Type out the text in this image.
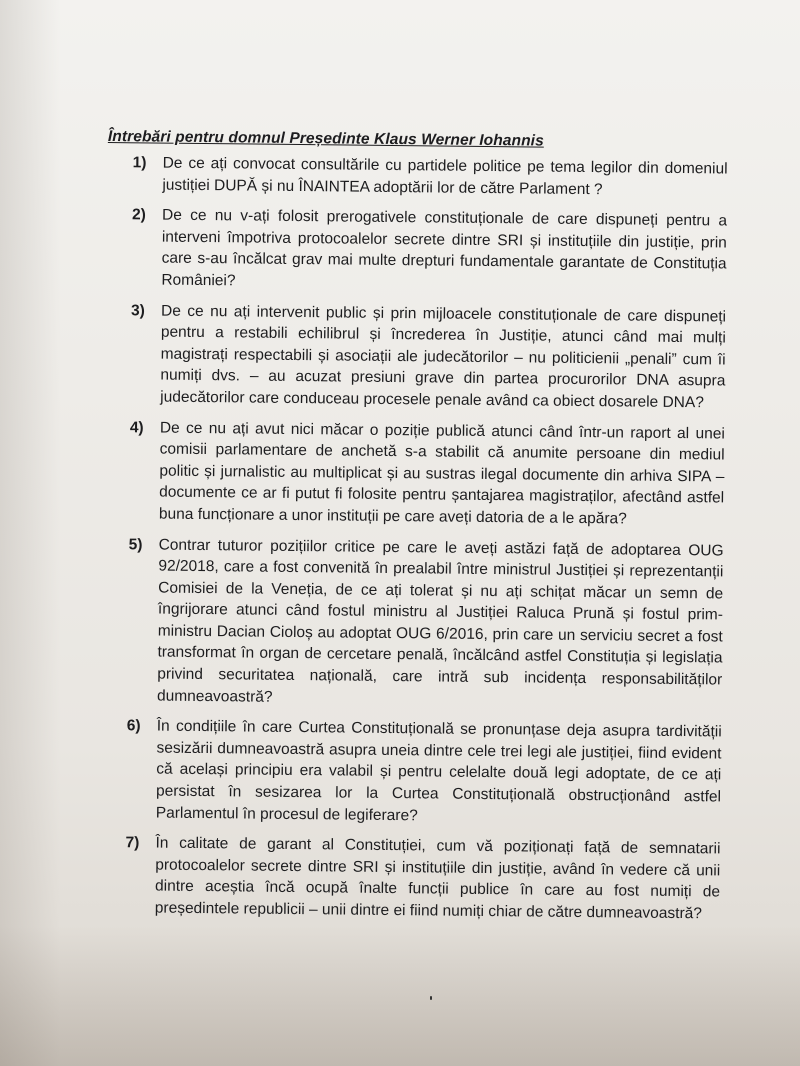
Întrebări pentru domnul Președinte Klaus Werner Iohannis
1)	De ce ați convocat consultările cu partidele politice pe tema legilor din domeniul justiției DUPĂ și nu ÎNAINTEA adoptării lor de către Parlament ?
2)	De ce nu v-ați folosit prerogativele constituționale de care dispuneți pentru a interveni împotriva protocoalelor secrete dintre SRI și instituțiile din justiție, prin care s-au încălcat grav mai multe drepturi fundamentale garantate de Constituția României?
3)	De ce nu ați intervenit public și prin mijloacele constituționale de care dispuneți pentru a restabili echilibrul și încrederea în Justiție, atunci când mai mulți magistrați respectabili și asociații ale judecătorilor – nu politicienii „penali” cum îi numiți dvs. – au acuzat presiuni grave din partea procurorilor DNA asupra judecătorilor care conduceau procesele penale având ca obiect dosarele DNA?
4)	De ce nu ați avut nici măcar o poziție publică atunci când într-un raport al unei comisii parlamentare de anchetă s-a stabilit că anumite persoane din mediul politic și jurnalistic au multiplicat și au sustras ilegal documente din arhiva SIPA – documente ce ar fi putut fi folosite pentru șantajarea magistraților, afectând astfel buna funcționare a unor instituții pe care aveți datoria de a le apăra?
5)	Contrar tuturor pozițiilor critice pe care le aveți astăzi față de adoptarea OUG 92/2018, care a fost convenită în prealabil între ministrul Justiției și reprezentanții Comisiei de la Veneția, de ce ați tolerat și nu ați schițat măcar un semn de îngrijorare atunci când fostul ministru al Justiției Raluca Prună și fostul prim-ministru Dacian Cioloș au adoptat OUG 6/2016, prin care un serviciu secret a fost transformat în organ de cercetare penală, încălcând astfel Constituția și legislația privind securitatea națională, care intră sub incidența responsabilităților dumneavoastră?
6)	În condițiile în care Curtea Constituțională se pronunțase deja asupra tardivității sesizării dumneavoastră asupra uneia dintre cele trei legi ale justiției, fiind evident că același principiu era valabil și pentru celelalte două legi adoptate, de ce ați persistat în sesizarea lor la Curtea Constituțională obstrucționând astfel Parlamentul în procesul de legiferare?
7)	În calitate de garant al Constituției, cum vă poziționați față de semnatarii protocoalelor secrete dintre SRI și instituțiile din justiție, având în vedere că unii dintre aceștia încă ocupă înalte funcții publice în care au fost numiți de președintele republicii – unii dintre ei fiind numiți chiar de către dumneavoastră?
